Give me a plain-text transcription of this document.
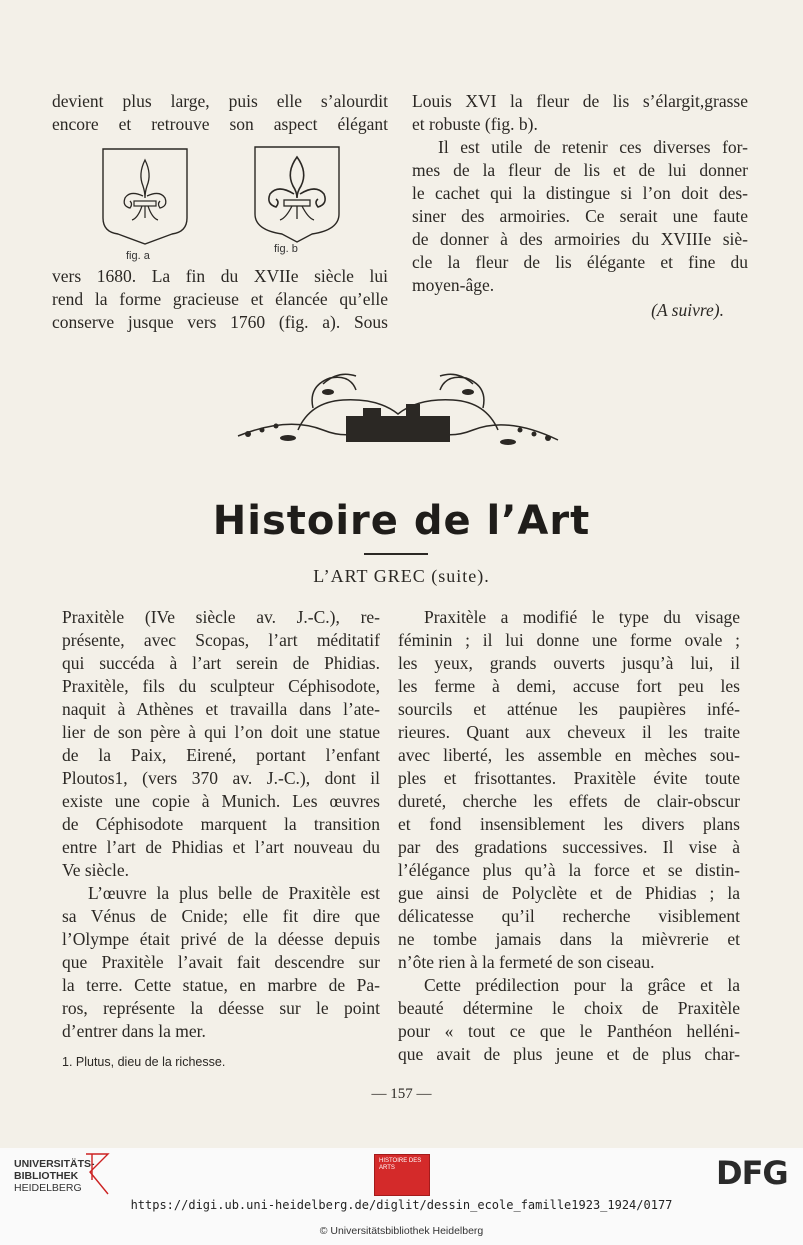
devient plus large, puis elle s’alourdit

encore et retrouve son aspect élégant

fig. a
fig. b

vers 1680. La fin du XVIIe siècle lui

rend la forme gracieuse et élancée qu’elle

conserve jusque vers 1760 (fig. a). Sous

Louis XVI la fleur de lis s’élargit,grasse

et robuste (fig. b).

Il est utile de retenir ces diverses for-

mes de la fleur de lis et de lui donner

le cachet qui la distingue si l’on doit des-

siner des armoiries. Ce serait une faute

de donner à des armoiries du XVIIIe siè-

cle la fleur de lis élégante et fine du

moyen-âge.

(A suivre).

Histoire de l’Art
L’ART GREC (suite).

Praxitèle (IVe siècle av. J.-C.), re-

présente, avec Scopas, l’art méditatif

qui succéda à l’art serein de Phidias.

Praxitèle, fils du sculpteur Céphisodote,

naquit à Athènes et travailla dans l’ate-

lier de son père à qui l’on doit une statue

de la Paix, Eirené, portant l’enfant

Ploutos1, (vers 370 av. J.-C.), dont il

existe une copie à Munich. Les œuvres

de Céphisodote marquent la transition

entre l’art de Phidias et l’art nouveau du

Ve siècle.

L’œuvre la plus belle de Praxitèle est

sa Vénus de Cnide; elle fit dire que

l’Olympe était privé de la déesse depuis

que Praxitèle l’avait fait descendre sur

la terre. Cette statue, en marbre de Pa-

ros, représente la déesse sur le point

d’entrer dans la mer.

Praxitèle a modifié le type du visage

féminin ; il lui donne une forme ovale ;

les yeux, grands ouverts jusqu’à lui, il

les ferme à demi, accuse fort peu les

sourcils et atténue les paupières infé-

rieures. Quant aux cheveux il les traite

avec liberté, les assemble en mèches sou-

ples et frisottantes. Praxitèle évite toute

dureté, cherche les effets de clair-obscur

et fond insensiblement les divers plans

par des gradations successives. Il vise à

l’élégance plus qu’à la force et se distin-

gue ainsi de Polyclète et de Phidias ; la

délicatesse qu’il recherche visiblement

ne tombe jamais dans la mièvrerie et

n’ôte rien à la fermeté de son ciseau.

Cette prédilection pour la grâce et la

beauté détermine le choix de Praxitèle

pour « tout ce que le Panthéon helléni-

que avait de plus jeune et de plus char-

1. Plutus, dieu de la richesse.
— 157 —
UNIVERSITÄTS-
BIBLIOTHEK
HEIDELBERG
HISTOIRE DES ARTS	DFG
https://digi.ub.uni-heidelberg.de/diglit/dessin_ecole_famille1923_1924/0177
© Universitätsbibliothek Heidelberg
